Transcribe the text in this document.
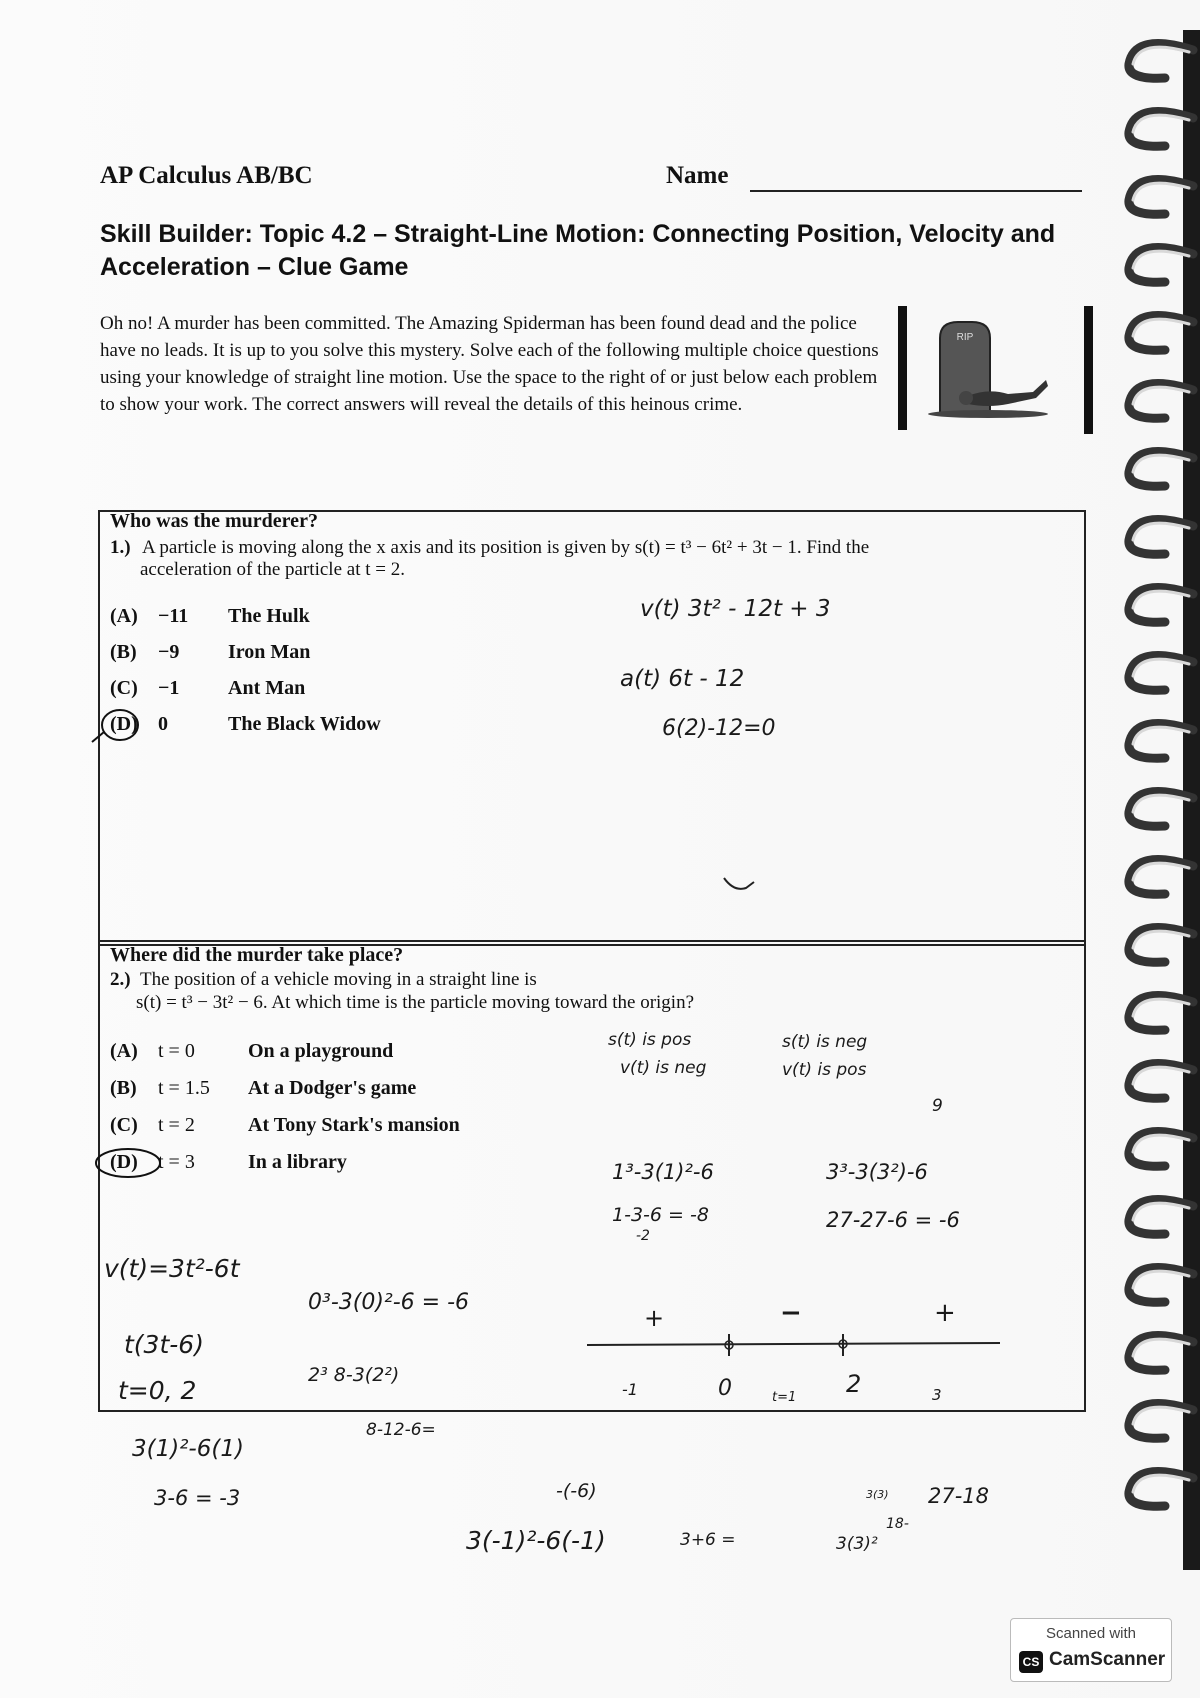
AP Calculus AB/BC	Name
Skill Builder: Topic 4.2 – Straight-Line Motion: Connecting Position, Velocity and Acceleration – Clue Game
Oh no! A murder has been committed. The Amazing Spiderman has been found dead and the police have no leads. It is up to you solve this mystery. Solve each of the following multiple choice questions using your knowledge of straight line motion. Use the space to the right of or just below each problem to show your work. The correct answers will reveal the details of this heinous crime.
RIP
Who was the murderer?
1.) A particle is moving along the x axis and its position is given by s(t) = t³ − 6t² + 3t − 1. Find the
acceleration of the particle at t = 2.
(A) −11 The Hulk
(B) −9 Iron Man
(C) −1 Ant Man
(D) 0	The Black Widow
v(t) 3t² - 12t + 3
a(t) 6t - 12
6(2)-12=0
Where did the murder take place?
2.) The position of a vehicle moving in a straight line is
s(t) = t³ − 3t² − 6. At which time is the particle moving toward the origin?
(A) t = 0	On a playground
(B) t = 1.5 At a Dodger's game
(C) t = 2	At Tony Stark's mansion
(D) t = 3	In a library
s(t) is pos
v(t) is neg
s(t) is neg
v(t) is pos
9
1³-3(1)²-6
1-3-6 = -8
-2
3³-3(3²)-6
27-27-6 = -6
v(t)=3t²-6t
t(3t-6)
t=0, 2
0³-3(0)²-6 = -6
2³ 8-3(2²)
+	−	+
-1	0	t=1 2	3
8-12-6=
3(1)²-6(1)
3-6 = -3	-(-6)
3(-1)²-6(-1)	3+6 =	3(3)²
18-
27-18
3(3)
Scanned with
CS CamScanner
